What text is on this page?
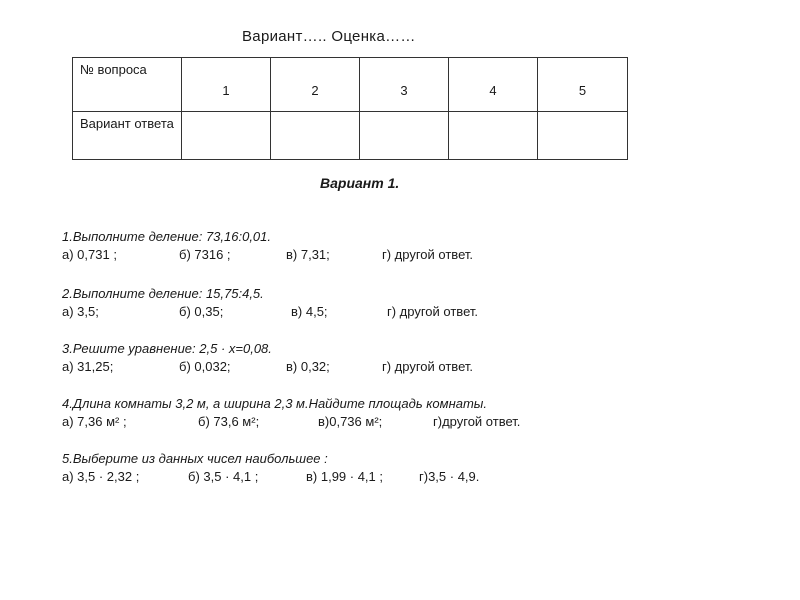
Вариант….. Оценка……
№ вопроса	1	2	3	4	5
Вариант ответа					
Вариант 1.
1.Выполните деление: 73,16:0,01.
а) 0,731 ;	б) 7316 ;	в) 7,31;	г) другой ответ.
2.Выполните деление: 15,75:4,5.
а) 3,5;	б) 0,35;	в) 4,5;	г) другой ответ.
3.Решите уравнение: 2,5 · х=0,08.
а) 31,25;	б) 0,032;	в) 0,32;	г) другой ответ.
4.Длина комнаты 3,2 м, а ширина 2,3 м.Найдите площадь комнаты.
а) 7,36 м² ;	б) 73,6 м²;	в)0,736 м²;	г)другой ответ.
5.Выберите из данных чисел наибольшее :
а) 3,5 · 2,32 ;	б) 3,5 · 4,1 ;	в) 1,99 · 4,1 ;	г)3,5 · 4,9.
